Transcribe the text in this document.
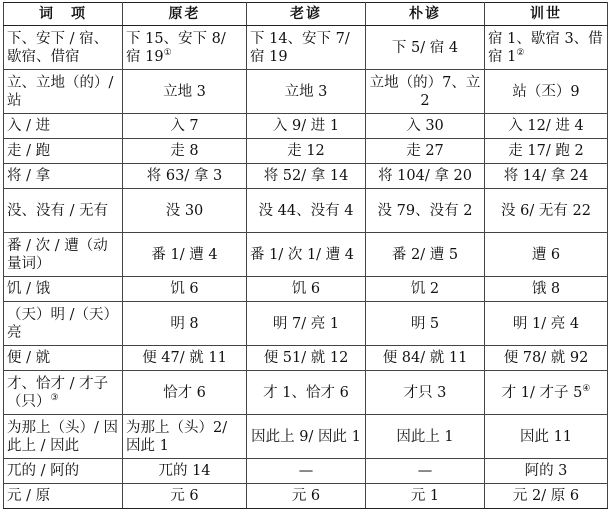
词　项	原老	老谚	朴谚	训世
下、安下 / 宿、歇宿、借宿	下 15、安下 8/ 宿 19①	下 14、安下 7/ 宿 19	下 5/ 宿 4	宿 1、歇宿 3、借宿 1②
立、立地（的）/ 站	立地 3	立地 3	立地（的）7、立 2	站（丕）9
入 / 进	入 7	入 9/ 进 1	入 30	入 12/ 进 4
走 / 跑	走 8	走 12	走 27	走 17/ 跑 2
将 / 拿	将 63/ 拿 3	将 52/ 拿 14	将 104/ 拿 20	将 14/ 拿 24
没、没有 / 无有	没 30	没 44、没有 4	没 79、没有 2	没 6/ 无有 22
番 / 次 / 遭（动量词）	番 1/ 遭 4	番 1/ 次 1/ 遭 4	番 2/ 遭 5	遭 6
饥 / 饿	饥 6	饥 6	饥 2	饿 8
（天）明 /（天）亮	明 8	明 7/ 亮 1	明 5	明 1/ 亮 4
便 / 就	便 47/ 就 11	便 51/ 就 12	便 84/ 就 11	便 78/ 就 92
才、恰才 / 才子（只）③	恰才 6	才 1、恰才 6	才只 3	才 1/ 才子 5④
为那上（头）/ 因此上 / 因此	为那上（头）2/ 因此 1	因此上 9/ 因此 1	因此上 1	因此 11
兀的 / 阿的	兀的 14	—	—	阿的 3
元 / 原	元 6	元 6	元 1	元 2/ 原 6
